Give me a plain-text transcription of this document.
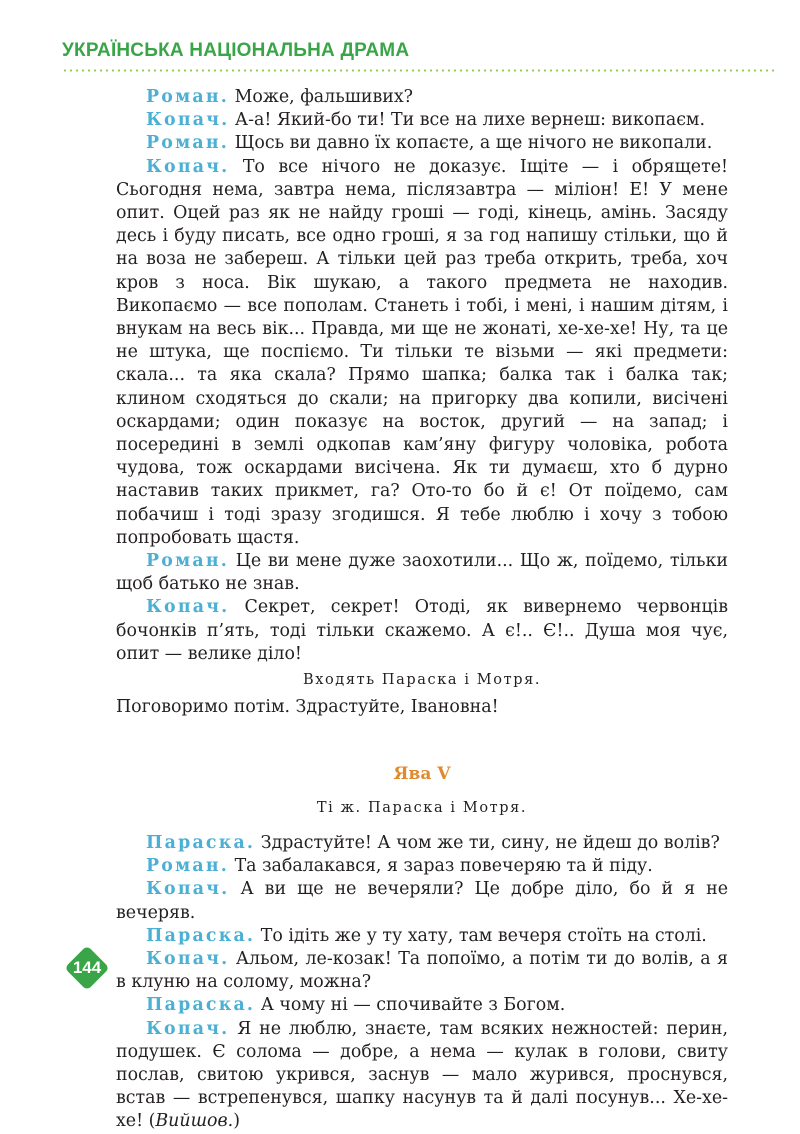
УКРАЇНСЬКА НАЦІОНАЛЬНА ДРАМА

Роман. Може, фальшивих?

Копач. А-а! Який-бо ти! Ти все на лихе вернеш: викопаєм.

Роман. Щось ви давно їх копаєте, а ще нічого не викопали.

Копач. То все нічого не доказує. Іщіте — і обрящете! Сьогодня нема, завтра нема, післязавтра — міліон! Е! У мене опит. Оцей раз як не найду гроші — годі, кінець, амінь. Засяду десь і буду писать, все одно гроші, я за год напишу стільки, що й на воза не забереш. А тільки цей раз треба открить, треба, хоч кров з носа. Вік шукаю, а такого предмета не находив. Викопаємо — все пополам. Станеть і тобі, і мені, і нашим дітям, і внукам на весь вік... Правда, ми ще не жонаті, хе-хе-хе! Ну, та це не штука, ще поспіємо. Ти тільки те візьми — які предмети: скала... та яка скала? Прямо шапка; балка так і балка так; клином сходяться до скали; на пригорку два копили, висічені оскардами; один показує на восток, другий — на запад; і посередині в землі одкопав кам’яну фигуру чоловіка, робота чудова, тож оскардами висічена. Як ти думаєш, хто б дурно наставив таких прикмет, га? Ото-то бо й є! От поїдемо, сам побачиш і тоді зразу згодишся. Я тебе люблю і хочу з тобою попробовать щастя.

Роман. Це ви мене дуже заохотили... Що ж, поїдемо, тільки щоб батько не знав.

Копач. Секрет, секрет! Отоді, як вивернемо червонців бочонків п’ять, тоді тільки скажемо. А є!.. Є!.. Душа моя чує, опит — велике діло!

Входять Параска і Мотря.

Поговоримо потім. Здрастуйте, Івановна!

Ява V

Ті ж. Параска і Мотря.

Параска. Здрастуйте! А чом же ти, сину, не йдеш до волів?

Роман. Та забалакався, я зараз повечеряю та й піду.

Копач. А ви ще не вечеряли? Це добре діло, бо й я не вечеряв.

Параска. То ідіть же у ту хату, там вечеря стоїть на столі.

Копач. Альом, ле-козак! Та попоїмо, а потім ти до волів, а я в клуню на солому, можна?

Параска. А чому ні — спочивайте з Богом.

Копач. Я не люблю, знаєте, там всяких нежностей: перин, подушек. Є солома — добре, а нема — кулак в голови, свиту послав, свитою укрився, заснув — мало журився, проснувся, встав — встрепенувся, шапку насунув та й далі посунув... Хе-хе-хе! (Вийшов.)

144
